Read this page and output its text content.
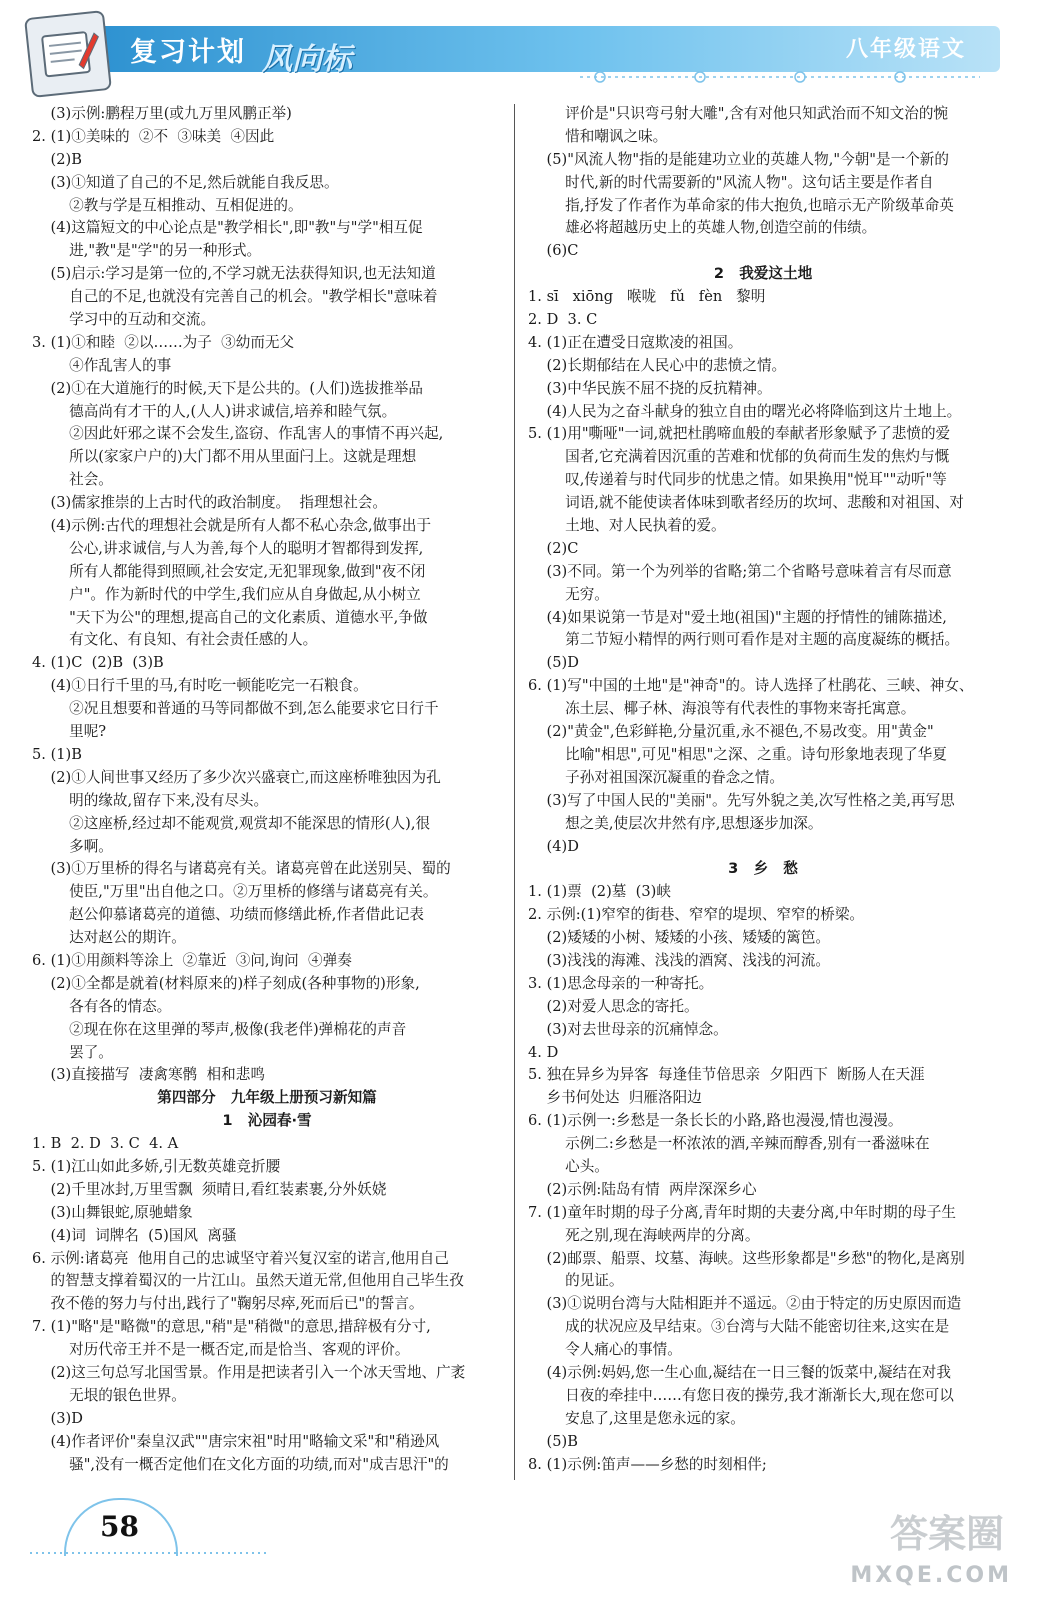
复习计划 风向标	八年级语文
(3)示例:鹏程万里(或九万里风鹏正举)
2. (1)①美味的  ②不  ③味美  ④因此
(2)B
(3)①知道了自己的不足,然后就能自我反思。
②教与学是互相推动、互相促进的。
(4)这篇短文的中心论点是"教学相长",即"教"与"学"相互促
进,"教"是"学"的另一种形式。
(5)启示:学习是第一位的,不学习就无法获得知识,也无法知道
自己的不足,也就没有完善自己的机会。"教学相长"意味着
学习中的互动和交流。
3. (1)①和睦  ②以……为子  ③幼而无父
④作乱害人的事
(2)①在大道施行的时候,天下是公共的。(人们)选拔推举品
德高尚有才干的人,(人人)讲求诚信,培养和睦气氛。
②因此奸邪之谋不会发生,盗窃、作乱害人的事情不再兴起,
所以(家家户户的)大门都不用从里面闩上。这就是理想
社会。
(3)儒家推崇的上古时代的政治制度。  指理想社会。
(4)示例:古代的理想社会就是所有人都不私心杂念,做事出于
公心,讲求诚信,与人为善,每个人的聪明才智都得到发挥,
所有人都能得到照顾,社会安定,无犯罪现象,做到"夜不闭
户"。作为新时代的中学生,我们应从自身做起,从小树立
"天下为公"的理想,提高自己的文化素质、道德水平,争做
有文化、有良知、有社会责任感的人。
4. (1)C  (2)B  (3)B
(4)①日行千里的马,有时吃一顿能吃完一石粮食。
②况且想要和普通的马等同都做不到,怎么能要求它日行千
里呢?
5. (1)B
(2)①人间世事又经历了多少次兴盛衰亡,而这座桥唯独因为孔
明的缘故,留存下来,没有尽头。
②这座桥,经过却不能观赏,观赏却不能深思的情形(人),很
多啊。
(3)①万里桥的得名与诸葛亮有关。诸葛亮曾在此送别吴、蜀的
使臣,"万里"出自他之口。②万里桥的修缮与诸葛亮有关。
赵公仰慕诸葛亮的道德、功绩而修缮此桥,作者借此记表
达对赵公的期许。
6. (1)①用颜料等涂上  ②靠近  ③问,询问  ④弹奏
(2)①全都是就着(材料原来的)样子刻成(各种事物的)形象,
各有各的情态。
②现在你在这里弹的琴声,极像(我老伴)弹棉花的声音
罢了。
(3)直接描写  凄禽寒鹘  相和悲鸣
第四部分   九年级上册预习新知篇
1   沁园春·雪
1. B  2. D  3. C  4. A
5. (1)江山如此多娇,引无数英雄竞折腰
(2)千里冰封,万里雪飘  须晴日,看红装素裹,分外妖娆
(3)山舞银蛇,原驰蜡象
(4)词  词牌名  (5)国风  离骚
6. 示例:诸葛亮  他用自己的忠诚坚守着兴复汉室的诺言,他用自己
的智慧支撑着蜀汉的一片江山。虽然天道无常,但他用自己毕生孜
孜不倦的努力与付出,践行了"鞠躬尽瘁,死而后已"的誓言。
7. (1)"略"是"略微"的意思,"稍"是"稍微"的意思,措辞极有分寸,
对历代帝王并不是一概否定,而是恰当、客观的评价。
(2)这三句总写北国雪景。作用是把读者引入一个冰天雪地、广袤
无垠的银色世界。
(3)D
(4)作者评价"秦皇汉武""唐宗宋祖"时用"略输文采"和"稍逊风
骚",没有一概否定他们在文化方面的功绩,而对"成吉思汗"的
评价是"只识弯弓射大雕",含有对他只知武治而不知文治的惋
惜和嘲讽之味。
(5)"风流人物"指的是能建功立业的英雄人物,"今朝"是一个新的
时代,新的时代需要新的"风流人物"。这句话主要是作者自
指,抒发了作者作为革命家的伟大抱负,也暗示无产阶级革命英
雄必将超越历史上的英雄人物,创造空前的伟绩。
(6)C
2   我爱这土地
1. sī   xiōng   喉咙   fǔ   fèn   黎明
2. D  3. C
4. (1)正在遭受日寇欺凌的祖国。
(2)长期郁结在人民心中的悲愤之情。
(3)中华民族不屈不挠的反抗精神。
(4)人民为之奋斗献身的独立自由的曙光必将降临到这片土地上。
5. (1)用"嘶哑"一词,就把杜鹃啼血般的奉献者形象赋予了悲愤的爱
国者,它充满着因沉重的苦难和忧郁的负荷而生发的焦灼与慨
叹,传递着与时代同步的忧患之情。如果换用"悦耳""动听"等
词语,就不能使读者体味到歌者经历的坎坷、悲酸和对祖国、对
土地、对人民执着的爱。
(2)C
(3)不同。第一个为列举的省略;第二个省略号意味着言有尽而意
无穷。
(4)如果说第一节是对"爱土地(祖国)"主题的抒情性的铺陈描述,
第二节短小精悍的两行则可看作是对主题的高度凝练的概括。
(5)D
6. (1)写"中国的土地"是"神奇"的。诗人选择了杜鹃花、三峡、神女、
冻土层、椰子林、海浪等有代表性的事物来寄托寓意。
(2)"黄金",色彩鲜艳,分量沉重,永不褪色,不易改变。用"黄金"
比喻"相思",可见"相思"之深、之重。诗句形象地表现了华夏
子孙对祖国深沉凝重的眷念之情。
(3)写了中国人民的"美丽"。先写外貌之美,次写性格之美,再写思
想之美,使层次井然有序,思想逐步加深。
(4)D
3   乡   愁
1. (1)票  (2)墓  (3)峡
2. 示例:(1)窄窄的街巷、窄窄的堤坝、窄窄的桥梁。
(2)矮矮的小树、矮矮的小孩、矮矮的篱笆。
(3)浅浅的海滩、浅浅的酒窝、浅浅的河流。
3. (1)思念母亲的一种寄托。
(2)对爱人思念的寄托。
(3)对去世母亲的沉痛悼念。
4. D
5. 独在异乡为异客  每逢佳节倍思亲  夕阳西下  断肠人在天涯
乡书何处达  归雁洛阳边
6. (1)示例一:乡愁是一条长长的小路,路也漫漫,情也漫漫。
示例二:乡愁是一杯浓浓的酒,辛辣而醇香,别有一番滋味在
心头。
(2)示例:陆岛有情  两岸深深乡心
7. (1)童年时期的母子分离,青年时期的夫妻分离,中年时期的母子生
死之别,现在海峡两岸的分离。
(2)邮票、船票、坟墓、海峡。这些形象都是"乡愁"的物化,是离别
的见证。
(3)①说明台湾与大陆相距并不遥远。②由于特定的历史原因而造
成的状况应及早结束。③台湾与大陆不能密切往来,这实在是
令人痛心的事情。
(4)示例:妈妈,您一生心血,凝结在一日三餐的饭菜中,凝结在对我
日夜的牵挂中……有您日夜的操劳,我才渐渐长大,现在您可以
安息了,这里是您永远的家。
(5)B
8. (1)示例:笛声——乡愁的时刻相伴;
58	答案圈
MXQE.COM
